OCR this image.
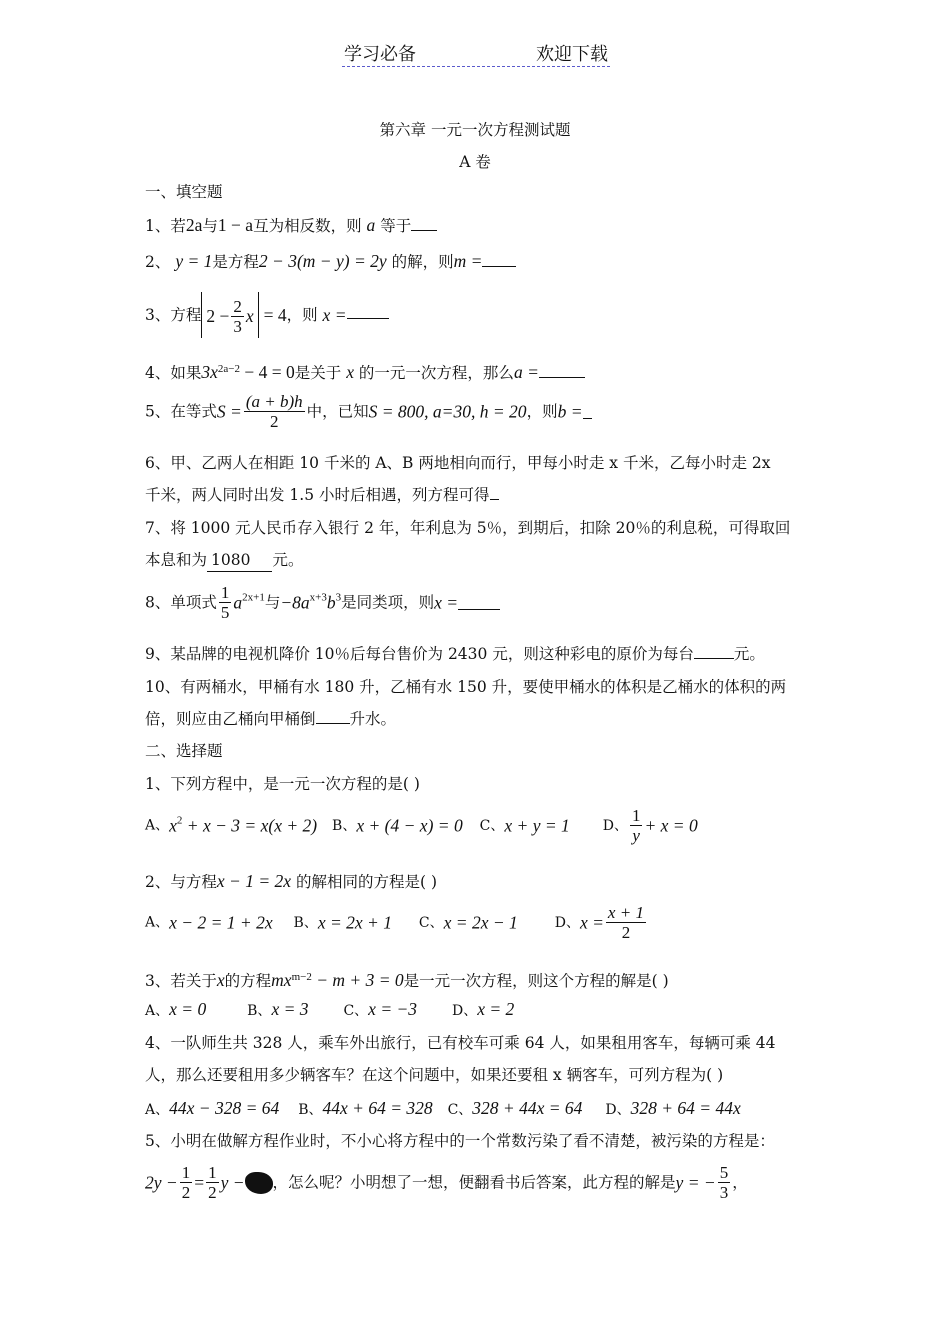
学习必备	欢迎下载
第六章 一元一次方程测试题
A 卷
一、填空题
1、若2a与1 − a互为相反数，则 a 等于
2、 y = 1是方程2 − 3(m − y) = 2y 的解，则m =
3、方程 $2 - \frac{2}{3}$ x = 4，则 x =
4、如果$3x^{2a-2} - 4 = 0$是关于 x 的一元一次方程，那么a =
5、在等式$S = \frac{(a + b)h}{2}$ 中，已知S = 800, a=30, h = 20，则b =
6、甲、乙两人在相距 10 千米的 A、B 两地相向而行，甲每小时走 x 千米，乙每小时走 2x
千米，两人同时出发 1.5 小时后相遇，列方程可得
7、将 1000 元人民币存入银行 2 年，年利息为 5％，到期后，扣除 20％的利息税，可得取回
本息和为 1080 元。
8、单项式 $\frac{1}{5} a^{2x+1}$与$-8a^{x+3}b^3$是同类项，则x =
9、某品牌的电视机降价 10％后每台售价为 2430 元，则这种彩电的原价为每台	元。
10、有两桶水，甲桶有水 180 升，乙桶有水 150 升，要使甲桶水的体积是乙桶水的体积的两
倍，则应由乙桶向甲桶倒 升水。
二、选择题
1、下列方程中，是一元一次方程的是( )
A、$x^2 + x - 3 = x(x + 2)$ B、x + (4 − x) = 0 C、x + y = 1 D、 $\frac{1}{y} + x = 0$
2、与方程x − 1 = 2x 的解相同的方程是( )
A、x − 2 = 1 + 2x B、x = 2x + 1 C、x = 2x − 1	D、$x = \frac{x + 1}{2}$
3、若关于x的方程$mx^{m-2} - m + 3 = 0$是一元一次方程，则这个方程的解是( )
A、x = 0	B、x = 3 C、x = −3 D、x = 2
4、一队师生共 328 人，乘车外出旅行，已有校车可乘 64 人，如果租用客车，每辆可乘 44
人，那么还要租用多少辆客车？在这个问题中，如果还要租 x 辆客车，可列方程为( )
A、44x − 328 = 64 B、44x + 64 = 328 C、328 + 44x = 64 D、328 + 64 = 44x
5、小明在做解方程作业时，不小心将方程中的一个常数污染了看不清楚，被污染的方程是：
$2y - \frac{1}{2} = \frac{1}{2}$ y − ，怎么呢？小明想了一想，便翻看书后答案，此方程的解是y = − $\frac{5}{3}$ ，
